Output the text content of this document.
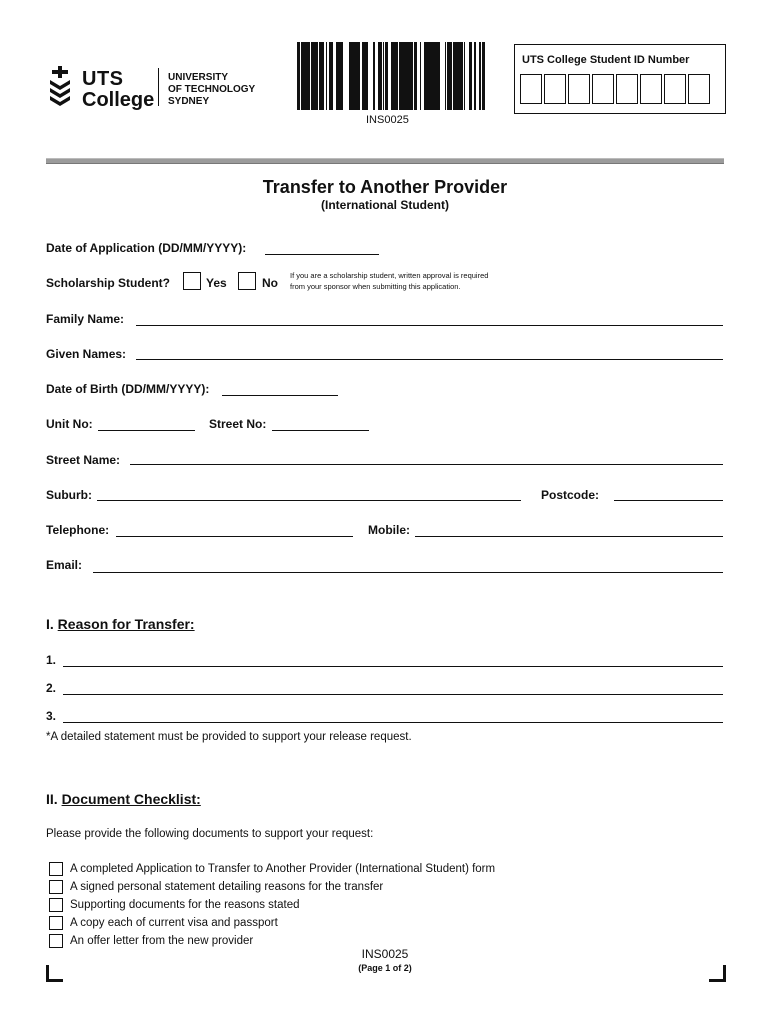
UTS
College
UNIVERSITY
OF TECHNOLOGY
SYDNEY
INS0025
UTS College Student ID Number
Transfer to Another Provider
(International Student)
Date of Application (DD/MM/YYYY):
Scholarship Student?	Yes	No
If you are a scholarship student, written approval is required
from your sponsor when submitting this application.
Family Name:
Given Names:
Date of Birth (DD/MM/YYYY):
Unit No:	Street No:
Street Name:
Suburb:	Postcode:
Telephone:	Mobile:
Email:
I. Reason for Transfer:
1.
2.
3.
*A detailed statement must be provided to support your release request.
II. Document Checklist:
Please provide the following documents to support your request:
A completed Application to Transfer to Another Provider (International Student) form
A signed personal statement detailing reasons for the transfer
Supporting documents for the reasons stated
A copy each of current visa and passport
An offer letter from the new provider
INS0025
(Page 1 of 2)
